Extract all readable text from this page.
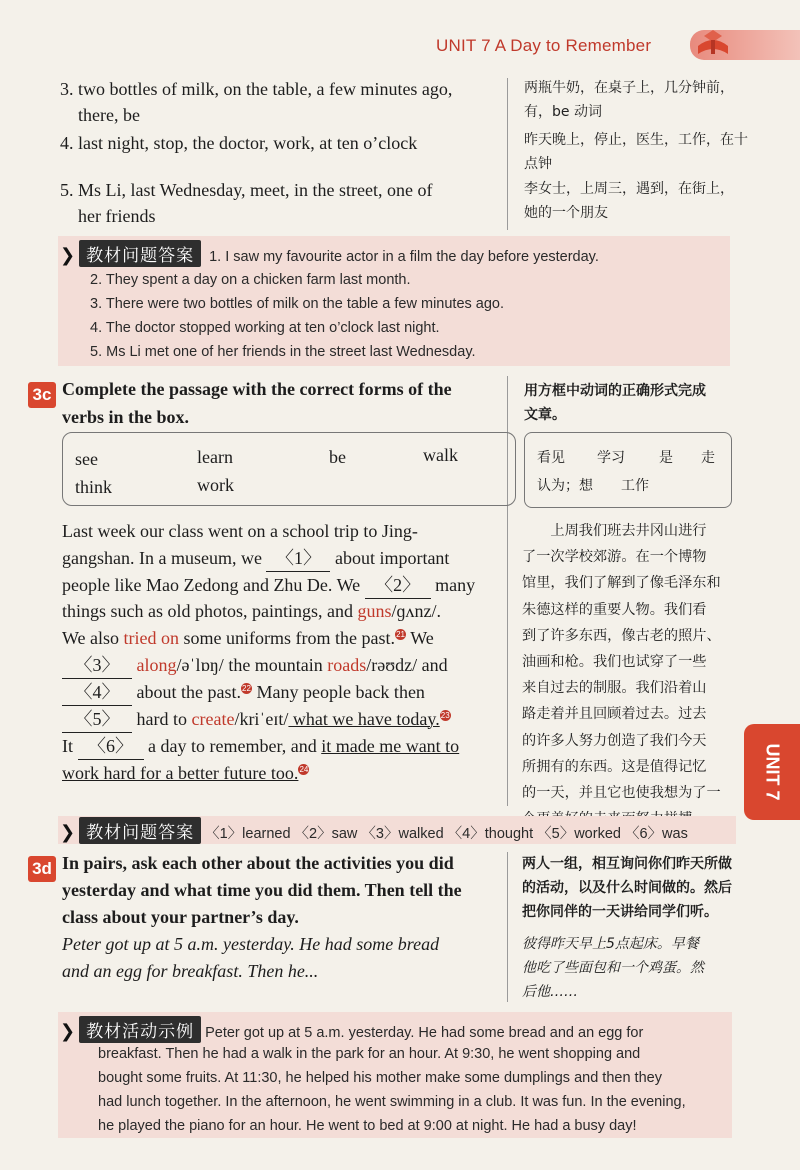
UNIT 7 A Day to Remember
3. two bottles of milk, on the table, a few minutes ago,
there, be
两瓶牛奶，在桌子上，几分钟前，
有，be 动词
4. last night, stop, the doctor, work, at ten o’clock	昨天晚上，停止，医生，工作，在十
点钟
5. Ms Li, last Wednesday, meet, in the street, one of
her friends
李女士，上周三，遇到，在街上，
她的一个朋友
❯ 教材问题答案 1. I saw my favourite actor in a film the day before yesterday.
2. They spent a day on a chicken farm last month.
3. There were two bottles of milk on the table a few minutes ago.
4. The doctor stopped working at ten o’clock last night.
5. Ms Li met one of her friends in the street last Wednesday.
3c Complete the passage with the correct forms of the
verbs in the box.
用方框中动词的正确形式完成
文章。
see	learn	be	walk
think	work
看见 学习 是 走
认为；想 工作
Last week our class went on a school trip to Jing-
gangshan. In a museum, we 〈1〉 about important
people like Mao Zedong and Zhu De. We 〈2〉 many
things such as old photos, paintings, and guns/ɡʌnz/.
We also tried on some uniforms from the past.21 We
〈3〉 along/əˈlɒŋ/ the mountain roads/rəʊdz/ and
〈4〉 about the past.22 Many people back then
〈5〉 hard to create/kriˈeɪt/ what we have today.23
It 〈6〉 a day to remember, and it made me want to
work hard for a better future too.24
　　上周我们班去井冈山进行
了一次学校郊游。在一个博物
馆里，我们了解到了像毛泽东和
朱德这样的重要人物。我们看
到了许多东西，像古老的照片、
油画和枪。我们也试穿了一些
来自过去的制服。我们沿着山
路走着并且回顾着过去。过去
的许多人努力创造了我们今天
所拥有的东西。这是值得记忆
的一天，并且它也使我想为了一	UNIT 7
❯ 教材问题答案 〈1〉learned 〈2〉saw 〈3〉walked 〈4〉thought 〈5〉worked 〈6〉was
3d In pairs, ask each other about the activities you did
yesterday and what time you did them. Then tell the
class about your partner’s day.
Peter got up at 5 a.m. yesterday. He had some bread
and an egg for breakfast. Then he...
两人一组，相互询问你们昨天所做
的活动，以及什么时间做的。然后
把你同伴的一天讲给同学们听。
彼得昨天早上5点起床。早餐
他吃了些面包和一个鸡蛋。然
后他……
❯ 教材活动示例 Peter got up at 5 a.m. yesterday. He had some bread and an egg for
breakfast. Then he had a walk in the park for an hour. At 9:30, he went shopping and
bought some fruits. At 11:30, he helped his mother make some dumplings and then they
had lunch together. In the afternoon, he went swimming in a club. It was fun. In the evening,
he played the piano for an hour. He went to bed at 9:00 at night. He had a busy day!
